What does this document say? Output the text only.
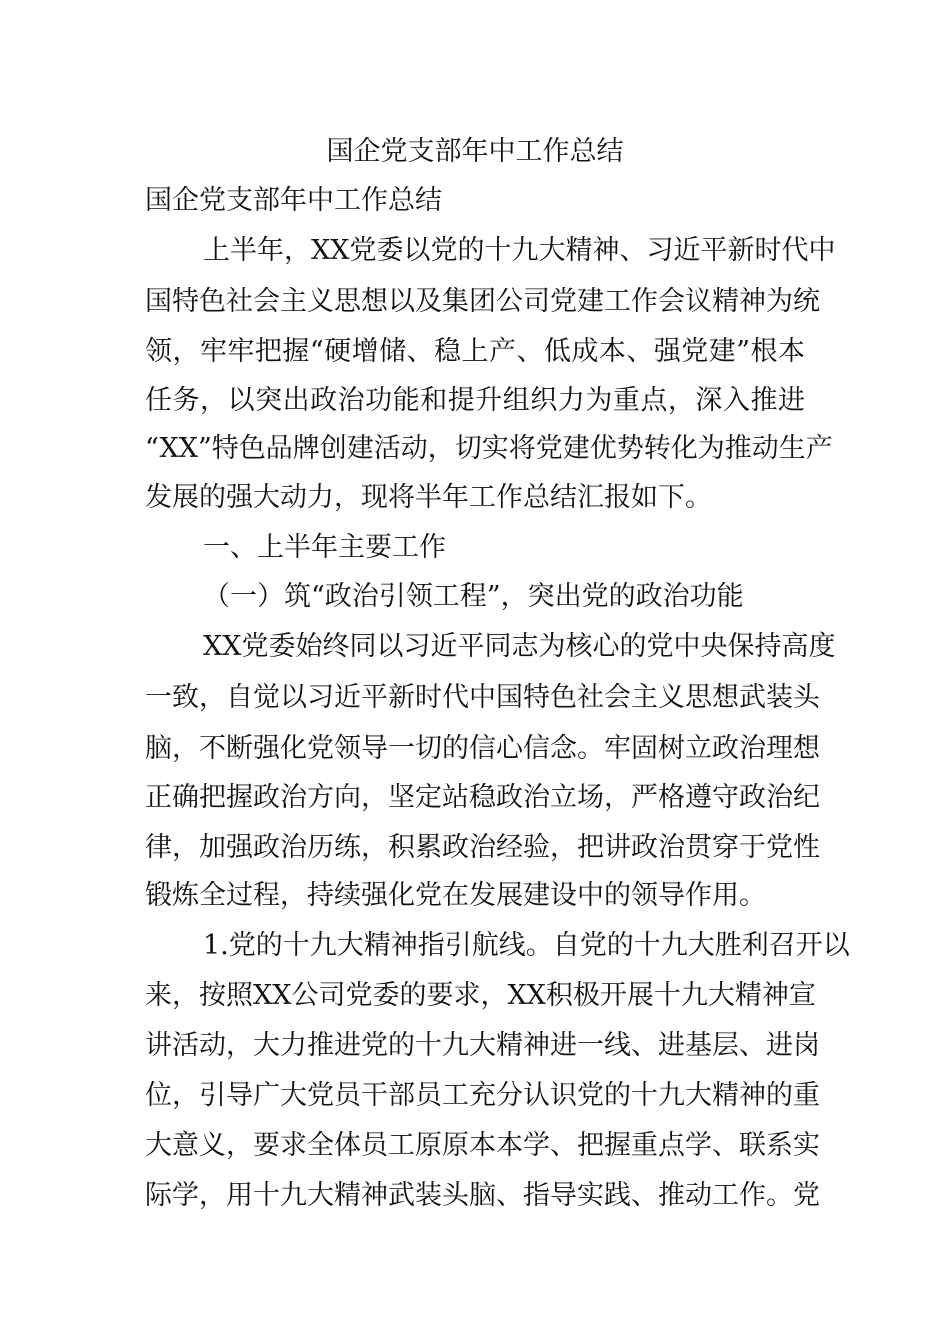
国企党支部年中工作总结
国企党支部年中工作总结
上半年，XX党委以党的十九大精神、习近平新时代中
国特色社会主义思想以及集团公司党建工作会议精神为统
领，牢牢把握“硬增储、稳上产、低成本、强党建”根本
任务，以突出政治功能和提升组织力为重点，深入推进
“XX”特色品牌创建活动，切实将党建优势转化为推动生产
发展的强大动力，现将半年工作总结汇报如下。
一、上半年主要工作
（一）筑“政治引领工程”，突出党的政治功能
XX党委始终同以习近平同志为核心的党中央保持高度
一致，自觉以习近平新时代中国特色社会主义思想武装头
脑，不断强化党领导一切的信心信念。牢固树立政治理想
正确把握政治方向，坚定站稳政治立场，严格遵守政治纪
律，加强政治历练，积累政治经验，把讲政治贯穿于党性
锻炼全过程，持续强化党在发展建设中的领导作用。
1.党的十九大精神指引航线。自党的十九大胜利召开以
来，按照XX公司党委的要求，XX积极开展十九大精神宣
讲活动，大力推进党的十九大精神进一线、进基层、进岗
位，引导广大党员干部员工充分认识党的十九大精神的重
大意义，要求全体员工原原本本学、把握重点学、联系实
际学，用十九大精神武装头脑、指导实践、推动工作。党
